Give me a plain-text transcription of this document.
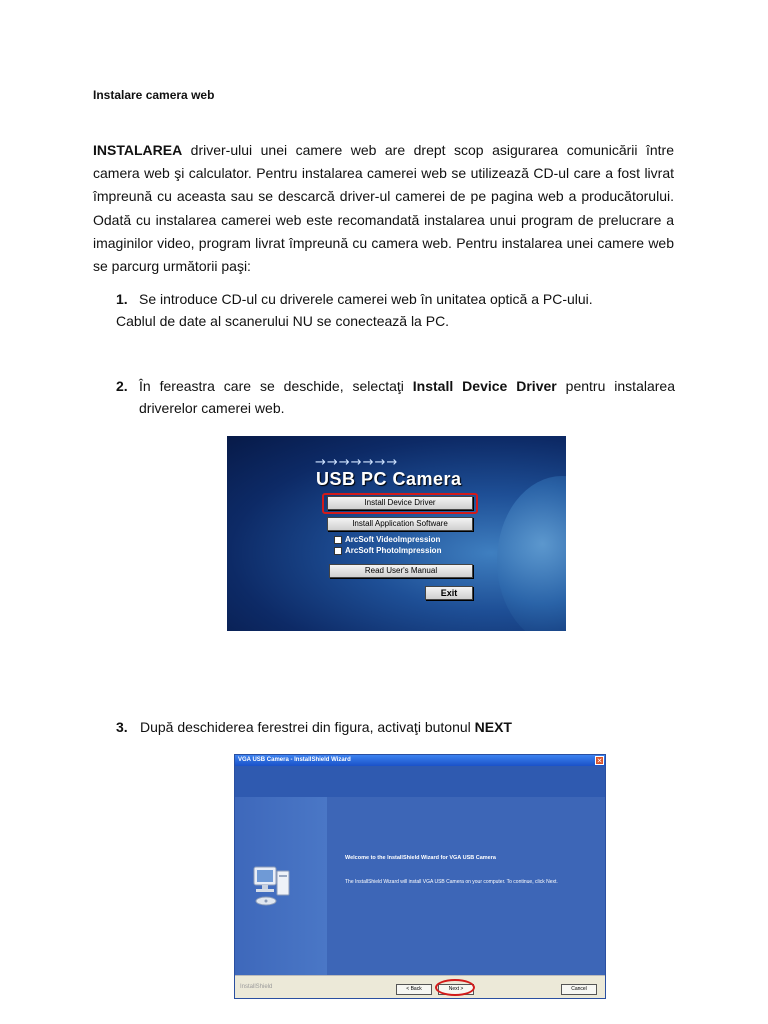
Instalare camera web

INSTALAREA driver-ului unei camere web are drept scop asigurarea comunicării între camera web şi calculator. Pentru instalarea camerei web se utilizează CD-ul care a fost livrat împreună cu aceasta sau se descarcă driver-ul camerei de pe pagina web a producătorului. Odată cu instalarea camerei web este recomandată instalarea unui program de prelucrare a imaginilor video, program livrat împreună cu camera web. Pentru instalarea unei camere web se parcurg următorii paşi:

1. Se introduce CD-ul cu driverele camerei web în unitatea optică a PC-ului.
Cablul de date al scanerului NU se conectează la PC.
2. În fereastra care se deschide, selectaţi Install Device Driver pentru instalarea driverelor camerei web.
→→→→→→→
USB PC Camera
Install Device Driver
Install Application Software
ArcSoft VideoImpression
ArcSoft PhotoImpression
Read User's Manual
Exit
3. După deschiderea ferestrei din figura, activaţi butonul NEXT
VGA USB Camera - InstallShield Wizard	✕
Welcome to the InstallShield Wizard for VGA USB Camera
The InstallShield Wizard will install VGA USB Camera on your computer. To continue, click Next.
InstallShield	< Back	Next >	Cancel
